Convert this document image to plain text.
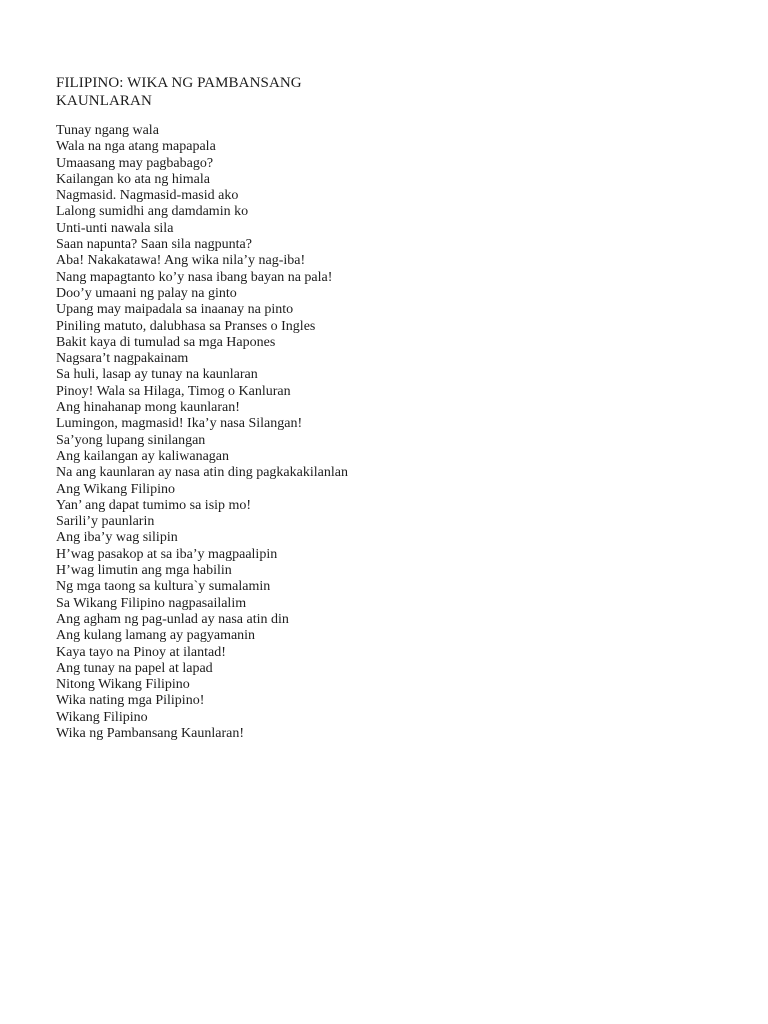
FILIPINO: WIKA NG PAMBANSANG
KAUNLARAN
Tunay ngang wala
Wala na nga atang mapapala
Umaasang may pagbabago?
Kailangan ko ata ng himala
Nagmasid. Nagmasid-masid ako
Lalong sumidhi ang damdamin ko
Unti-unti nawala sila
Saan napunta? Saan sila nagpunta?
Aba! Nakakatawa! Ang wika nila’y nag-iba!
Nang mapagtanto ko’y nasa ibang bayan na pala!
Doo’y umaani ng palay na ginto
Upang may maipadala sa inaanay na pinto
Piniling matuto, dalubhasa sa Pranses o Ingles
Bakit kaya di tumulad sa mga Hapones
Nagsara’t nagpakainam
Sa huli, lasap ay tunay na kaunlaran
Pinoy! Wala sa Hilaga, Timog o Kanluran
Ang hinahanap mong kaunlaran!
Lumingon, magmasid! Ika’y nasa Silangan!
Sa’yong lupang sinilangan
Ang kailangan ay kaliwanagan
Na ang kaunlaran ay nasa atin ding pagkakakilanlan
Ang Wikang Filipino
Yan’ ang dapat tumimo sa isip mo!
Sarili’y paunlarin
Ang iba’y wag silipin
H’wag pasakop at sa iba’y magpaalipin
H’wag limutin ang mga habilin
Ng mga taong sa kultura`y sumalamin
Sa Wikang Filipino nagpasailalim
Ang agham ng pag-unlad ay nasa atin din
Ang kulang lamang ay pagyamanin
Kaya tayo na Pinoy at ilantad!
Ang tunay na papel at lapad
Nitong Wikang Filipino
Wika nating mga Pilipino!
Wikang Filipino
Wika ng Pambansang Kaunlaran!
